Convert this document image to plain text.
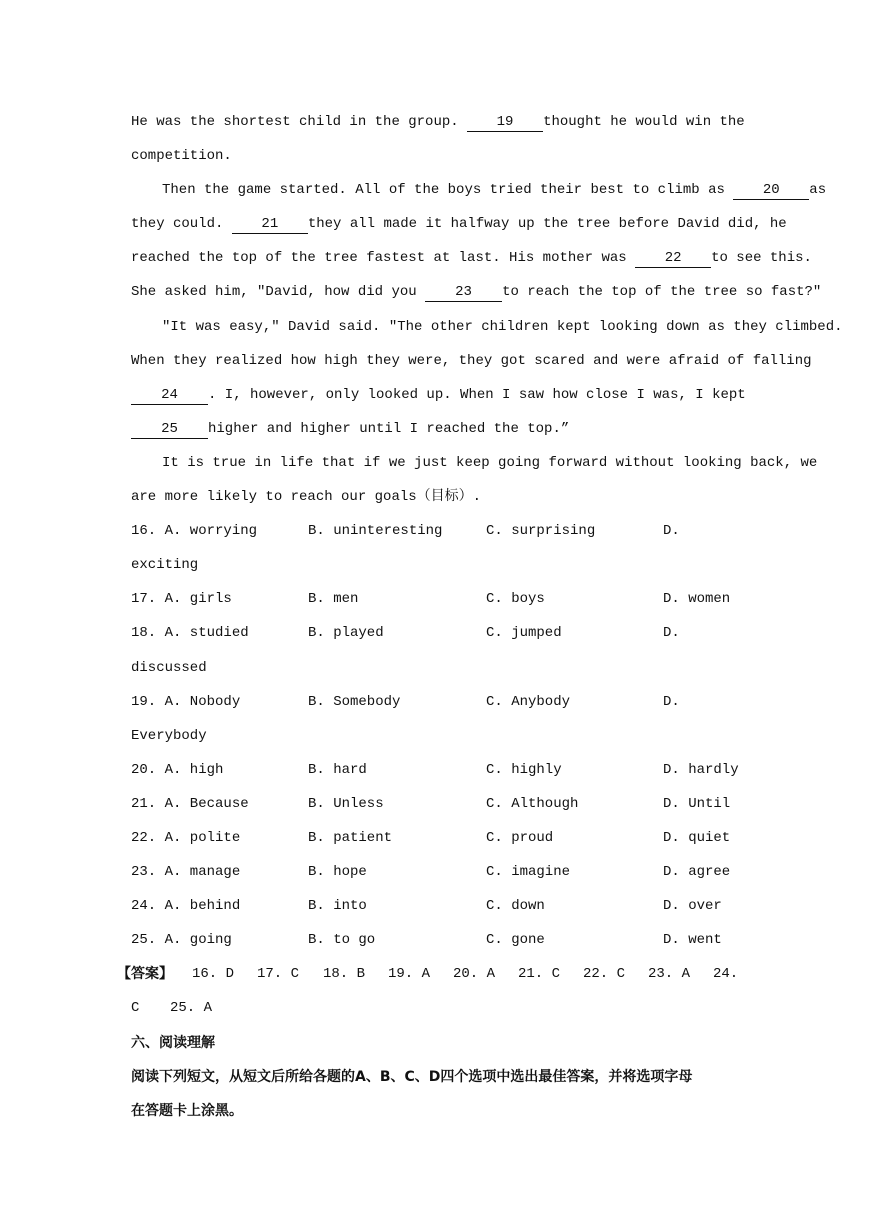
He was the shortest child in the group. 19 thought he would win the
competition.
Then the game started. All of the boys tried their best to climb as 20 as
they could. 21 they all made it halfway up the tree before David did, he
reached the top of the tree fastest at last. His mother was 22 to see this.
She asked him, "David, how did you 23 to reach the top of the tree so fast?"
"It was easy," David said. "The other children kept looking down as they climbed.
When they realized how high they were, they got scared and were afraid of falling
24 . I, however, only looked up. When I saw how close I was, I kept
25 higher and higher until I reached the top.”
It is true in life that if we just keep going forward without looking back, we
are more likely to reach our goals（目标）.
16. A. worrying	B. uninteresting	C. surprising	D.
exciting
17. A. girls	B. men	C. boys	D. women
18. A. studied	B. played	C. jumped	D.
discussed
19. A. Nobody	B. Somebody	C. Anybody	D.
Everybody
20. A. high	B. hard	C. highly	D. hardly
21. A. Because	B. Unless	C. Although	D. Until
22. A. polite	B. patient	C. proud	D. quiet
23. A. manage	B. hope	C. imagine	D. agree
24. A. behind	B. into	C. down	D. over
25. A. going	B. to go	C. gone	D. went
【答案】 16. D 17. C 18. B 19. A 20. A 21. C 22. C 23. A 24.
C 25. A
六、阅读理解
阅读下列短文，从短文后所给各题的A、B、C、D四个选项中选出最佳答案，并将选项字母
在答题卡上涂黑。
